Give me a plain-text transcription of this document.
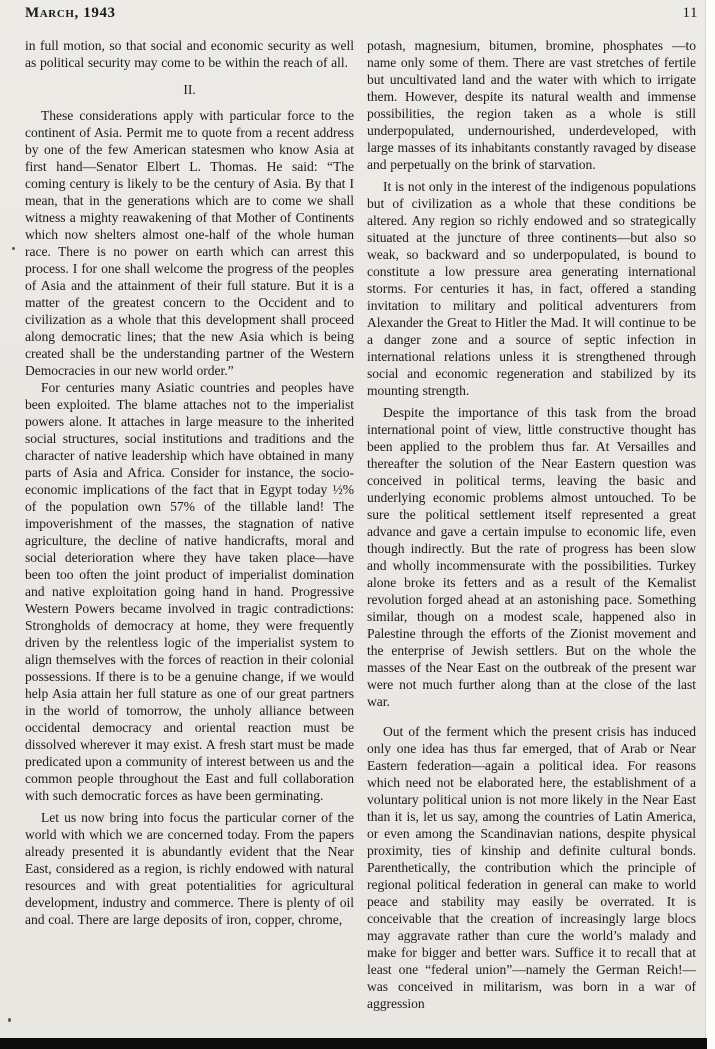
March, 1943	11

in full motion, so that social and economic security as well as political security may come to be within the reach of all.

II.

These considerations apply with particular force to the continent of Asia. Permit me to quote from a recent address by one of the few American statesmen who know Asia at first hand—Senator Elbert L. Thomas. He said: “The coming century is likely to be the century of Asia. By that I mean, that in the generations which are to come we shall witness a mighty reawakening of that Mother of Continents which now shelters almost one-half of the whole human race. There is no power on earth which can arrest this process. I for one shall welcome the progress of the peoples of Asia and the attainment of their full stature. But it is a matter of the greatest concern to the Occident and to civilization as a whole that this development shall proceed along democratic lines; that the new Asia which is being created shall be the understanding partner of the Western Democracies in our new world order.”

For centuries many Asiatic countries and peoples have been exploited. The blame attaches not to the imperialist powers alone. It attaches in large measure to the inherited social structures, social institutions and traditions and the character of native leadership which have obtained in many parts of Asia and Africa. Consider for instance, the socio-economic implications of the fact that in Egypt today ½% of the population own 57% of the tillable land! The impoverishment of the masses, the stagnation of native agriculture, the decline of native handicrafts, moral and social deterioration where they have taken place—have been too often the joint product of imperialist domination and native exploitation going hand in hand. Progressive Western Powers became involved in tragic contradictions: Strongholds of democracy at home, they were frequently driven by the relentless logic of the imperialist system to align themselves with the forces of reaction in their colonial possessions. If there is to be a genuine change, if we would help Asia attain her full stature as one of our great partners in the world of tomorrow, the unholy alliance between occidental democracy and oriental reaction must be dissolved wherever it may exist. A fresh start must be made predicated upon a community of interest between us and the common people throughout the East and full collaboration with such democratic forces as have been germinating.

Let us now bring into focus the particular corner of the world with which we are concerned today. From the papers already presented it is abundantly evident that the Near East, considered as a region, is richly endowed with natural resources and with great potentialities for agricultural development, industry and commerce. There is plenty of oil and coal. There are large deposits of iron, copper, chrome,

potash, magnesium, bitumen, bromine, phosphates —to name only some of them. There are vast stretches of fertile but uncultivated land and the water with which to irrigate them. However, despite its natural wealth and immense possibilities, the region taken as a whole is still underpopulated, undernourished, underdeveloped, with large masses of its inhabitants constantly ravaged by disease and perpetually on the brink of starvation.

It is not only in the interest of the indigenous populations but of civilization as a whole that these conditions be altered. Any region so richly endowed and so strategically situated at the juncture of three continents—but also so weak, so backward and so underpopulated, is bound to constitute a low pressure area generating international storms. For centuries it has, in fact, offered a standing invitation to military and political adventurers from Alexander the Great to Hitler the Mad. It will continue to be a danger zone and a source of septic infection in international relations unless it is strengthened through social and economic regeneration and stabilized by its mounting strength.

Despite the importance of this task from the broad international point of view, little constructive thought has been applied to the problem thus far. At Versailles and thereafter the solution of the Near Eastern question was conceived in political terms, leaving the basic and underlying economic problems almost untouched. To be sure the political settlement itself represented a great advance and gave a certain impulse to economic life, even though indirectly. But the rate of progress has been slow and wholly incommensurate with the possibilities. Turkey alone broke its fetters and as a result of the Kemalist revolution forged ahead at an astonishing pace. Something similar, though on a modest scale, happened also in Palestine through the efforts of the Zionist movement and the enterprise of Jewish settlers. But on the whole the masses of the Near East on the outbreak of the present war were not much further along than at the close of the last war.

Out of the ferment which the present crisis has induced only one idea has thus far emerged, that of Arab or Near Eastern federation—again a political idea. For reasons which need not be elaborated here, the establishment of a voluntary political union is not more likely in the Near East than it is, let us say, among the countries of Latin America, or even among the Scandinavian nations, despite physical proximity, ties of kinship and definite cultural bonds. Parenthetically, the contribution which the principle of regional political federation in general can make to world peace and stability may easily be overrated. It is conceivable that the creation of increasingly large blocs may aggravate rather than cure the world’s malady and make for bigger and better wars. Suffice it to recall that at least one “federal union”—namely the German Reich!—was conceived in militarism, was born in a war of aggression
